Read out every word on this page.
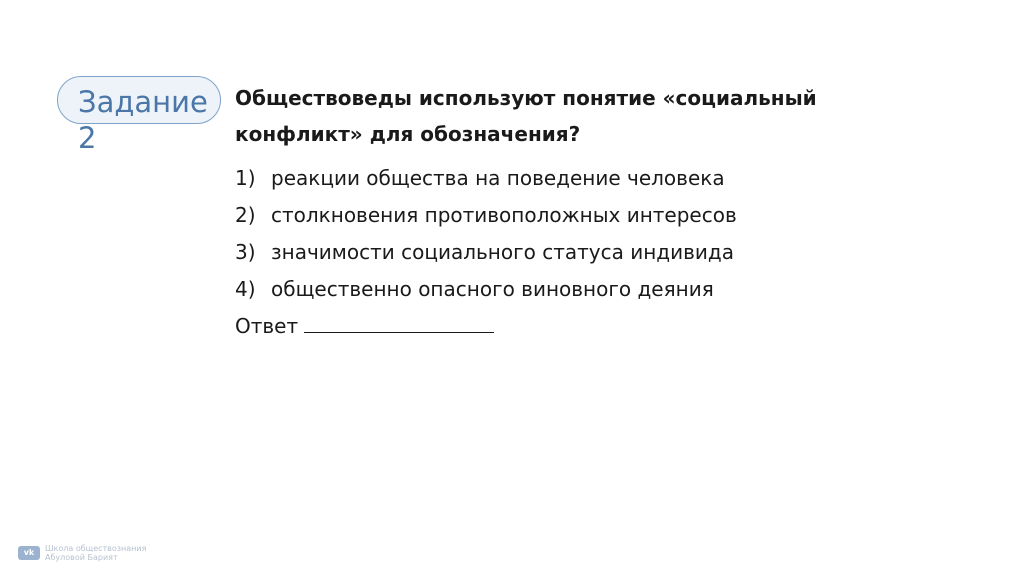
Задание
2

Обществоведы используют понятие «социальный конфликт» для обозначения?

1) реакции общества на поведение человека
2) столкновения противоположных интересов
3) значимости социального статуса индивида
4) общественно опасного виновного деяния
Ответ
vk	Школа обществознания
Абуловой Барият
